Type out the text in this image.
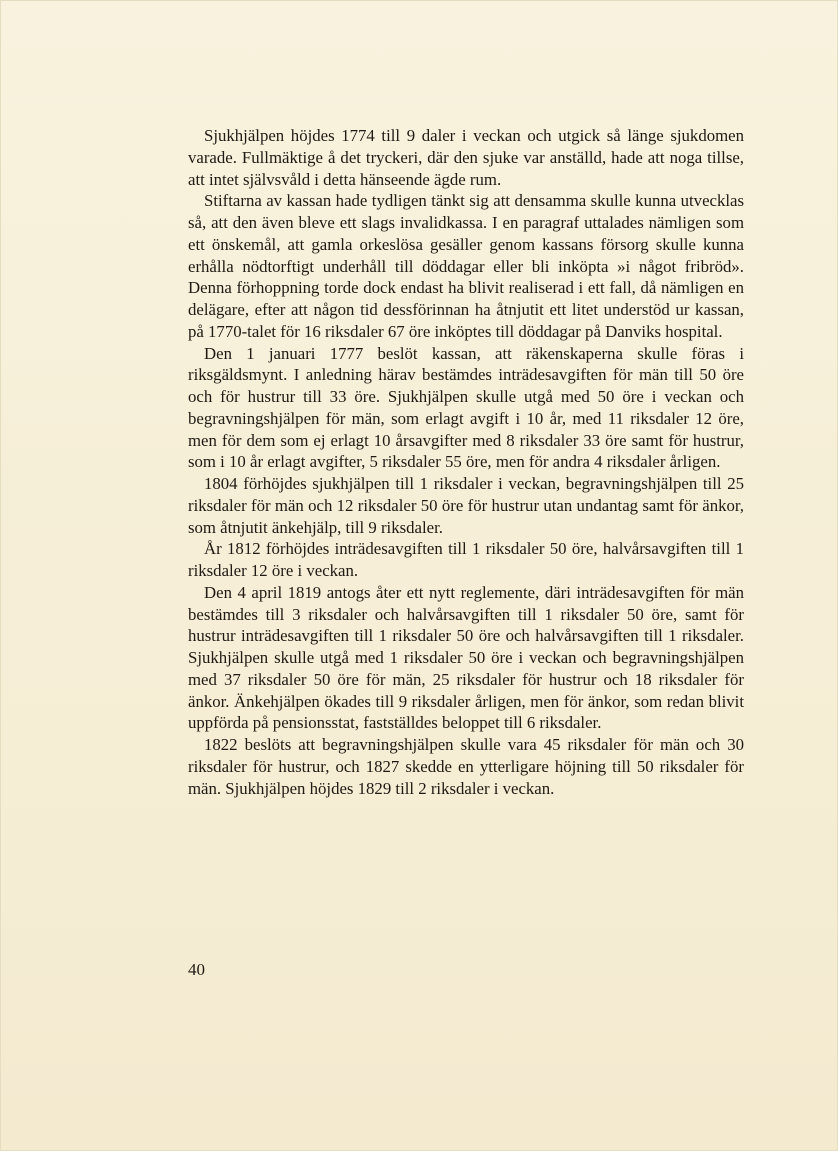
Sjukhjälpen höjdes 1774 till 9 daler i veckan och utgick så länge sjukdomen varade. Fullmäktige å det tryckeri, där den sjuke var anställd, hade att noga tillse, att intet självsvåld i detta hänseende ägde rum.

Stiftarna av kassan hade tydligen tänkt sig att densamma skulle kunna utvecklas så, att den även bleve ett slags invalidkassa. I en paragraf uttalades nämligen som ett önskemål, att gamla orkeslösa gesäller genom kassans försorg skulle kunna erhålla nödtorftigt underhåll till döddagar eller bli inköpta »i något fribröd». Denna förhoppning torde dock endast ha blivit realiserad i ett fall, då nämligen en delägare, efter att någon tid dessförinnan ha åtnjutit ett litet understöd ur kassan, på 1770-talet för 16 riksdaler 67 öre inköptes till döddagar på Danviks hospital.

Den 1 januari 1777 beslöt kassan, att räkenskaperna skulle föras i riksgäldsmynt. I anledning härav bestämdes inträdesavgiften för män till 50 öre och för hustrur till 33 öre. Sjukhjälpen skulle utgå med 50 öre i veckan och begravningshjälpen för män, som erlagt avgift i 10 år, med 11 riksdaler 12 öre, men för dem som ej erlagt 10 årsavgifter med 8 riksdaler 33 öre samt för hustrur, som i 10 år erlagt avgifter, 5 riksdaler 55 öre, men för andra 4 riksdaler årligen.

1804 förhöjdes sjukhjälpen till 1 riksdaler i veckan, begravningshjälpen till 25 riksdaler för män och 12 riksdaler 50 öre för hustrur utan undantag samt för änkor, som åtnjutit änkehjälp, till 9 riksdaler.

År 1812 förhöjdes inträdesavgiften till 1 riksdaler 50 öre, halvårsavgiften till 1 riksdaler 12 öre i veckan.

Den 4 april 1819 antogs åter ett nytt reglemente, däri inträdesavgiften för män bestämdes till 3 riksdaler och halvårsavgiften till 1 riksdaler 50 öre, samt för hustrur inträdesavgiften till 1 riksdaler 50 öre och halvårsavgiften till 1 riksdaler. Sjukhjälpen skulle utgå med 1 riksdaler 50 öre i veckan och begravningshjälpen med 37 riksdaler 50 öre för män, 25 riksdaler för hustrur och 18 riksdaler för änkor. Änkehjälpen ökades till 9 riksdaler årligen, men för änkor, som redan blivit uppförda på pensionsstat, fastställdes beloppet till 6 riksdaler.

1822 beslöts att begravningshjälpen skulle vara 45 riksdaler för män och 30 riksdaler för hustrur, och 1827 skedde en ytterligare höjning till 50 riksdaler för män. Sjukhjälpen höjdes 1829 till 2 riksdaler i veckan.

40
